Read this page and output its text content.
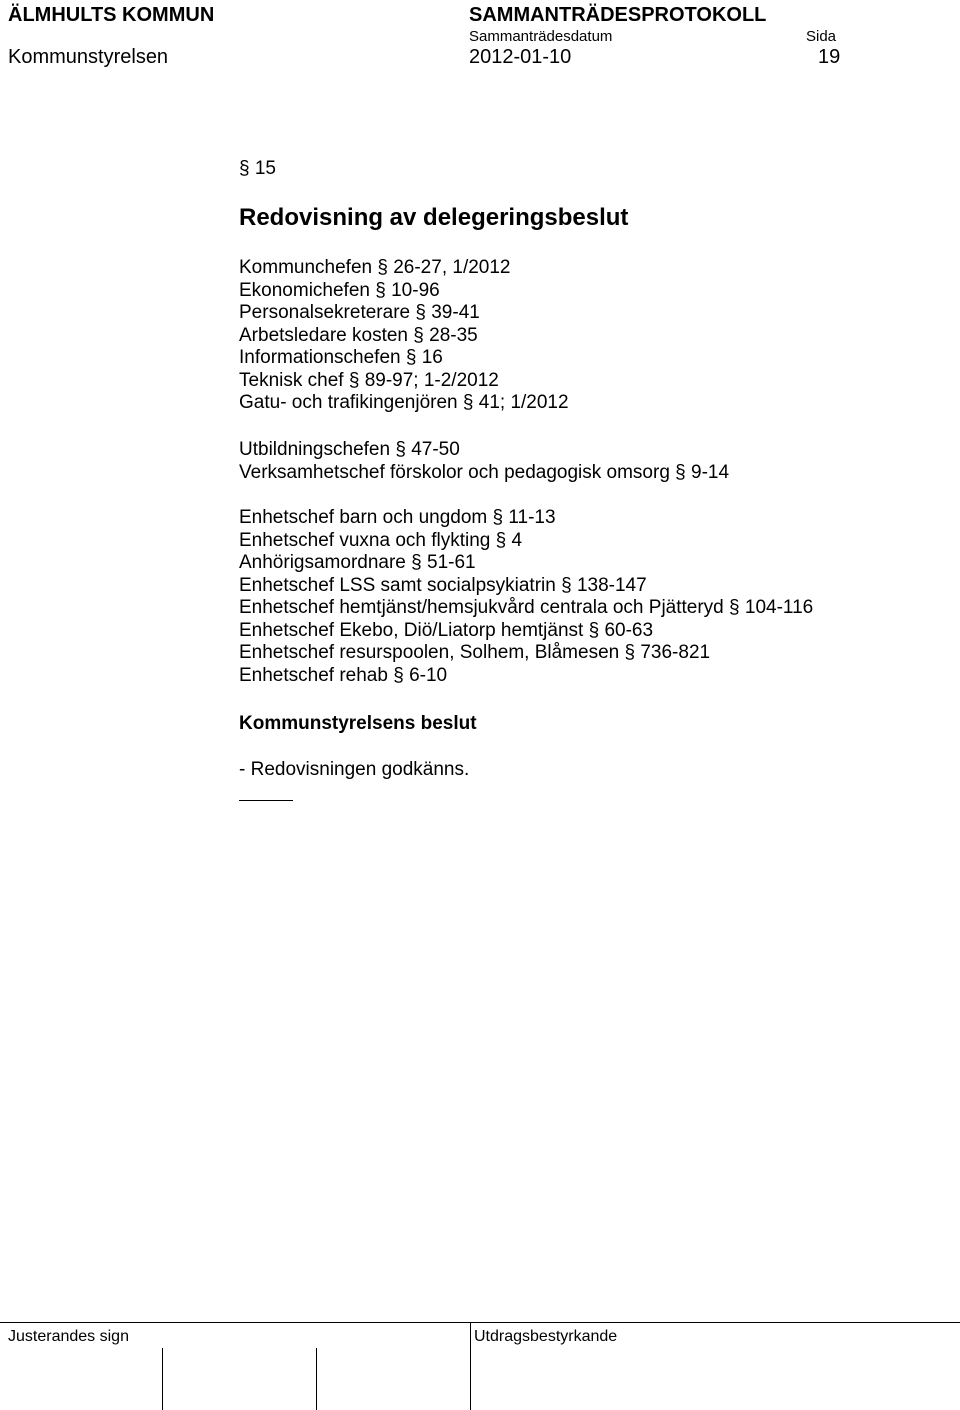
ÄLMHULTS KOMMUN	SAMMANTRÄDESPROTOKOLL
Sammanträdesdatum	Sida
Kommunstyrelsen	2012-01-10	19
§ 15
Redovisning av delegeringsbeslut
Kommunchefen § 26-27, 1/2012
Ekonomichefen § 10-96
Personalsekreterare § 39-41
Arbetsledare kosten § 28-35
Informationschefen § 16
Teknisk chef § 89-97; 1-2/2012
Gatu- och trafikingenjören § 41; 1/2012
Utbildningschefen § 47-50
Verksamhetschef förskolor och pedagogisk omsorg § 9-14
Enhetschef barn och ungdom § 11-13
Enhetschef vuxna och flykting § 4
Anhörigsamordnare § 51-61
Enhetschef LSS samt socialpsykiatrin § 138-147
Enhetschef hemtjänst/hemsjukvård centrala och Pjätteryd § 104-116
Enhetschef Ekebo, Diö/Liatorp hemtjänst § 60-63
Enhetschef resurspoolen, Solhem, Blåmesen § 736-821
Enhetschef rehab § 6-10
Kommunstyrelsens beslut
- Redovisningen godkänns.
Justerandes sign	Utdragsbestyrkande
